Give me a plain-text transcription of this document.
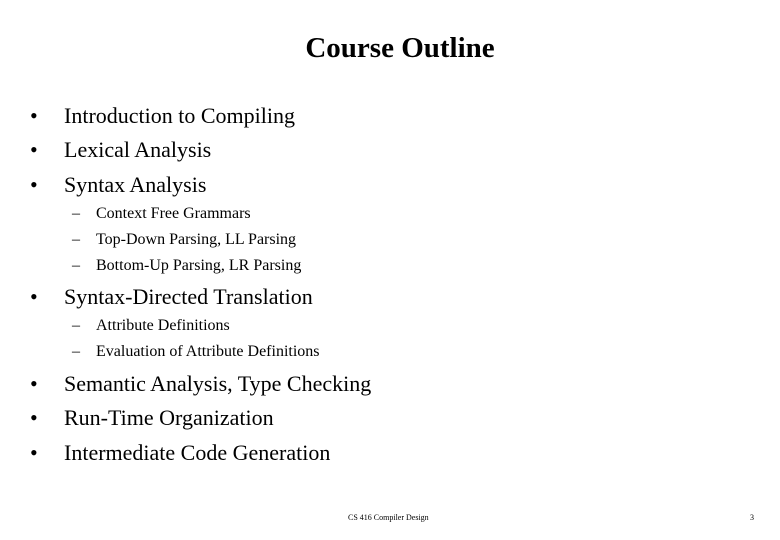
Course Outline
• Introduction to Compiling
• Lexical Analysis
• Syntax Analysis
– Context Free Grammars
– Top-Down Parsing, LL Parsing
– Bottom-Up Parsing, LR Parsing
• Syntax-Directed Translation
– Attribute Definitions
– Evaluation of Attribute Definitions
• Semantic Analysis, Type Checking
• Run-Time Organization
• Intermediate Code Generation
CS 416 Compiler Design	3
